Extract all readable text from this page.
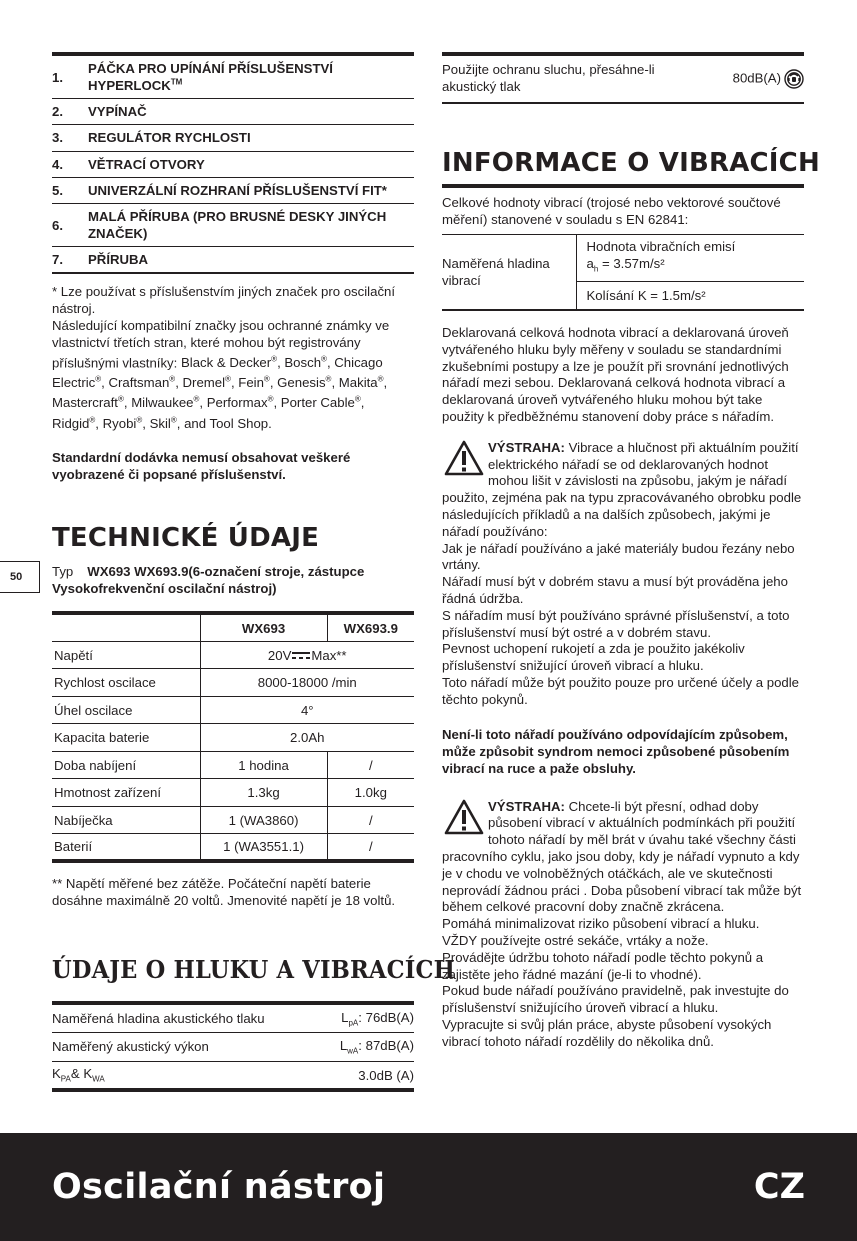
1.	PÁČKA PRO UPÍNÁNÍ PŘÍSLUŠENSTVÍ HYPERLOCK™
2.	VYPÍNAČ
3.	REGULÁTOR RYCHLOSTI
4.	VĚTRACÍ OTVORY
5.	UNIVERZÁLNÍ ROZHRANÍ PŘÍSLUŠENSTVÍ FIT*
6.	MALÁ PŘÍRUBA (PRO BRUSNÉ DESKY JINÝCH ZNAČEK)
7.	PŘÍRUBA

* Lze používat s příslušenstvím jiných značek pro oscilační nástroj.
Následující kompatibilní značky jsou ochranné známky ve vlastnictví třetích stran, které mohou být registrovány příslušnými vlastníky: Black & Decker®, Bosch®, Chicago Electric®, Craftsman®, Dremel®, Fein®, Genesis®, Makita®, Mastercraft®, Milwaukee®, Performax®, Porter Cable®, Ridgid®, Ryobi®, Skil®, and Tool Shop.

Standardní dodávka nemusí obsahovat veškeré vyobrazené či popsané příslušenství.

TECHNICKÉ ÚDAJE

Typ WX693 WX693.9(6-označení stroje, zástupce Vysokofrekvenční oscilační nástroj)

	WX693	WX693.9
Napětí	20V Max**	
Rychlost oscilace	8000-18000 /min	
Úhel oscilace	4°	
Kapacita baterie	2.0Ah	
Doba nabíjení	1 hodina	/
Hmotnost zařízení	1.3kg	1.0kg
Nabíječka	1 (WA3860)	/
Baterií	1 (WA3551.1)	/

** Napětí měřené bez zátěže. Počáteční napětí baterie dosáhne maximálně 20 voltů. Jmenovité napětí je 18 voltů.

ÚDAJE O HLUKU A VIBRACÍCH
Naměřená hladina akustického tlaku	$L_{pA}$: 76dB(A)
Naměřený akustický výkon	$L_{wA}$: 87dB(A)
$K_{PA}\&$ $K_{WA}$	3.0dB (A)
Použijte ochranu sluchu, přesáhne-li akustický tlak	80dB(A)
INFORMACE O VIBRACÍCH

Celkové hodnoty vibrací (trojosé nebo vektorové součtové měření) stanovené v souladu s EN 62841:

Naměřená hladina vibrací	Hodnota vibračních emisí
$a_h = 3.57m/s^2$
Kolísání K = 1.5m/s²

Deklarovaná celková hodnota vibrací a deklarovaná úroveň vytvářeného hluku byly měřeny v souladu se standardními zkušebními postupy a lze je použít při srovnání jednotlivých nářadí mezi sebou. Deklarovaná celková hodnota vibrací a deklarovaná úroveň vytvářeného hluku mohou být take použity k předběžnému stanovení doby práce s nářadím.

VÝSTRAHA: Vibrace a hlučnost při aktuálním použití elektrického nářadí se od deklarovaných hodnot mohou lišit v závislosti na způsobu, jakým je nářadí použito, zejména pak na typu zpracovávaného obrobku podle následujících příkladů a na dalších způsobech, jakými je nářadí používáno:
Jak je nářadí používáno a jaké materiály budou řezány nebo vrtány.
Nářadí musí být v dobrém stavu a musí být prováděna jeho řádná údržba.
S nářadím musí být používáno správné příslušenství, a toto příslušenství musí být ostré a v dobrém stavu.
Pevnost uchopení rukojetí a zda je použito jakékoliv příslušenství snižující úroveň vibrací a hluku.
Toto nářadí může být použito pouze pro určené účely a podle těchto pokynů.

Není-li toto nářadí používáno odpovídajícím způsobem, může způsobit syndrom nemoci způsobené působením vibrací na ruce a paže obsluhy.

VÝSTRAHA: Chcete-li být přesní, odhad doby působení vibrací v aktuálních podmínkách při použití tohoto nářadí by měl brát v úvahu také všechny části pracovního cyklu, jako jsou doby, kdy je nářadí vypnuto a kdy je v chodu ve volnoběžných otáčkách, ale ve skutečnosti neprovádí žádnou práci . Doba působení vibrací tak může být během celkové pracovní doby značně zkrácena.
Pomáhá minimalizovat riziko působení vibrací a hluku.
VŽDY používejte ostré sekáče, vrtáky a nože.
Provádějte údržbu tohoto nářadí podle těchto pokynů a zajistěte jeho řádné mazání (je-li to vhodné).
Pokud bude nářadí používáno pravidelně, pak investujte do příslušenství snižujícího úroveň vibrací a hluku.
Vypracujte si svůj plán práce, abyste působení vysokých vibrací tohoto nářadí rozdělily do několika dnů.
50
Oscilační nástroj	CZ
